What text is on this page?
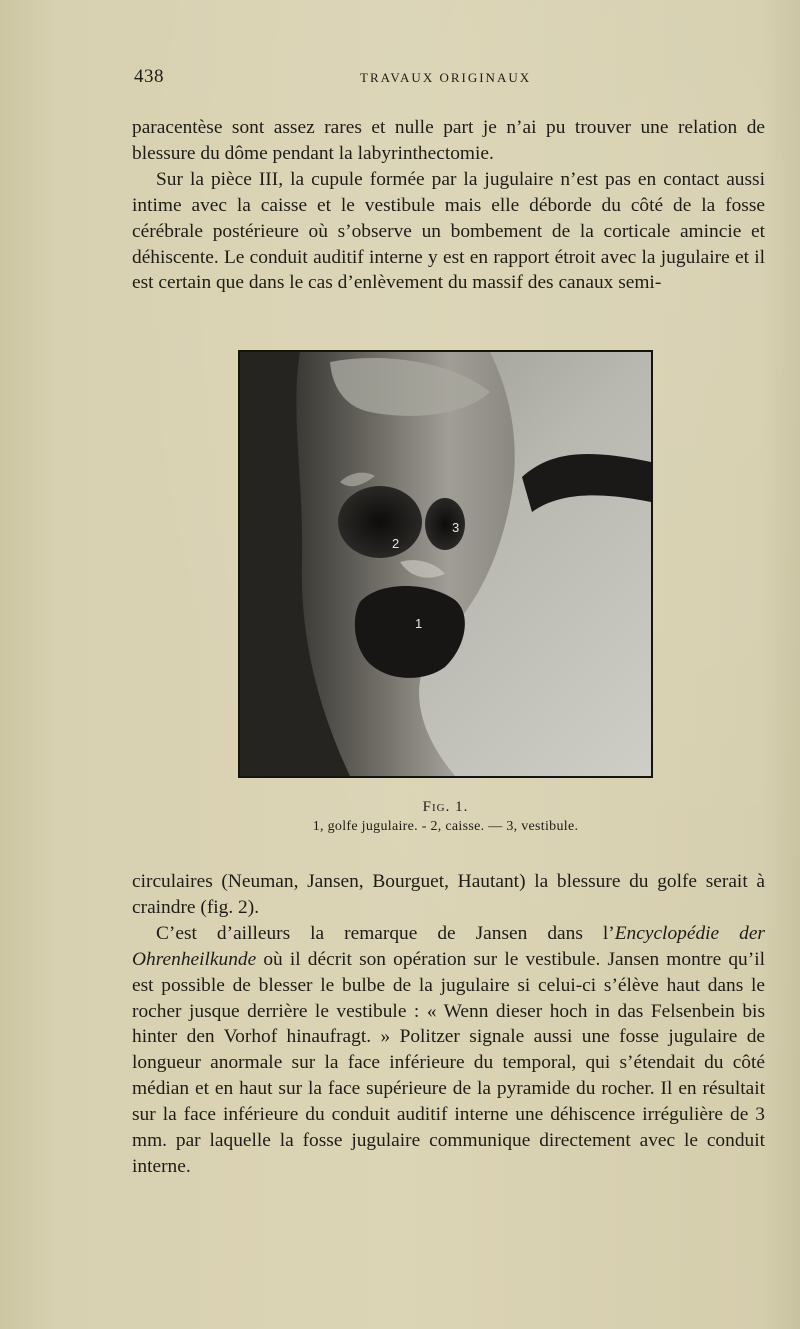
438	TRAVAUX ORIGINAUX

paracentèse sont assez rares et nulle part je n’ai pu trouver une relation de blessure du dôme pendant la labyrinthectomie.

Sur la pièce III, la cupule formée par la jugulaire n’est pas en contact aussi intime avec la caisse et le vestibule mais elle déborde du côté de la fosse cérébrale postérieure où s’observe un bombement de la corticale amincie et déhiscente. Le conduit auditif interne y est en rapport étroit avec la jugulaire et il est certain que dans le cas d’enlèvement du massif des canaux semi-

3
2
1
Fig. 1.
1, golfe jugulaire. - 2, caisse. — 3, vestibule.

circulaires (Neuman, Jansen, Bourguet, Hautant) la blessure du golfe serait à craindre (fig. 2).

C’est d’ailleurs la remarque de Jansen dans l’Encyclopédie der Ohrenheilkunde où il décrit son opération sur le vestibule. Jansen montre qu’il est possible de blesser le bulbe de la jugulaire si celui-ci s’élève haut dans le rocher jusque derrière le vestibule : « Wenn dieser hoch in das Felsenbein bis hinter den Vorhof hinaufragt. » Politzer signale aussi une fosse jugulaire de longueur anormale sur la face inférieure du temporal, qui s’étendait du côté médian et en haut sur la face supérieure de la pyramide du rocher. Il en résultait sur la face inférieure du conduit auditif interne une déhiscence irrégulière de 3 mm. par laquelle la fosse jugulaire communique directement avec le conduit interne.
